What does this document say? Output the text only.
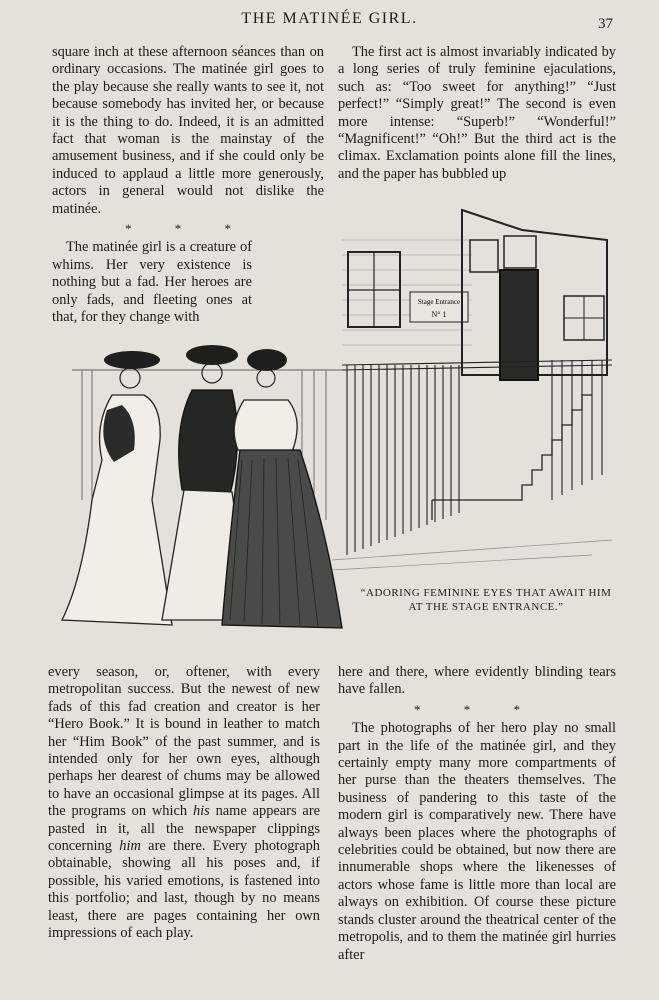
THE MATINÉE GIRL.	37

square inch at these afternoon séances than on ordinary occasions. The matinée girl goes to the play because she really wants to see it, not because somebody has invited her, or because it is the thing to do. Indeed, it is an admitted fact that woman is the mainstay of the amusement business, and if she could only be induced to applaud a little more generously, actors in general would not dislike the matinée.

* * *

The matinée girl is a creature of whims. Her very existence is nothing but a fad. Her heroes are only fads, and fleeting ones at that, for they change with

The first act is almost invariably indicated by a long series of truly feminine ejaculations, such as: “Too sweet for anything!” “Just perfect!” “Simply great!” The second is even more intense: “Superb!” “Wonderful!” “Magnificent!” “Oh!” But the third act is the climax. Exclamation points alone fill the lines, and the paper has bubbled up

Stage Entrance
N° 1
“ADORING FEMININE EYES THAT AWAIT HIM AT THE STAGE ENTRANCE.”

every season, or, oftener, with every metropolitan success. But the newest of new fads of this fad creation and creator is her “Hero Book.” It is bound in leather to match her “Him Book” of the past summer, and is intended only for her own eyes, although perhaps her dearest of chums may be allowed to have an occasional glimpse at its pages. All the programs on which his name appears are pasted in it, all the newspaper clippings concerning him are there. Every photograph obtainable, showing all his poses and, if possible, his varied emotions, is fastened into this portfolio; and last, though by no means least, there are pages containing her own impressions of each play.

here and there, where evidently blinding tears have fallen.

* * *

The photographs of her hero play no small part in the life of the matinée girl, and they certainly empty many more compartments of her purse than the theaters themselves. The business of pandering to this taste of the modern girl is comparatively new. There have always been places where the photographs of celebrities could be obtained, but now there are innumerable shops where the likenesses of actors whose fame is little more than local are always on exhibition. Of course these picture stands cluster around the theatrical center of the metropolis, and to them the matinée girl hurries after
